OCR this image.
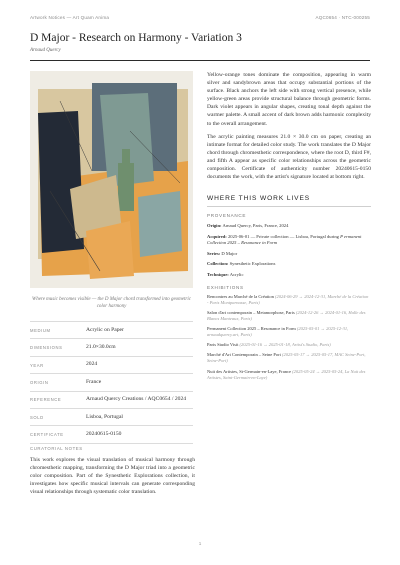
Artwork Notices — Art Quam Anima	AQC0654 · NTC-000255
D Major - Research on Harmony - Variation 3
Arnaud Quercy
Where music becomes visible — the D Major chord transformed into geometric color harmony
MEDIUM	Acrylic on Paper
DIMENSIONS	21.0×30.0cm
YEAR	2024
ORIGIN	France
REFERENCE	Arnaud Quercy Creations / AQC0654 / 2024
SOLD	Lisboa, Portugal
CERTIFICATE	20240615-0150
CURATORIAL NOTES
This work explores the visual translation of musical harmony through chromesthetic mapping, transforming the D Major triad into a geometric color composition. Part of the Synesthetic Explorations collection, it investigates how specific musical intervals can generate corresponding visual relationships through systematic color translation.

Yellow-orange tones dominate the composition, appearing in warm silver and sandybrown areas that occupy substantial portions of the surface. Black anchors the left side with strong vertical presence, while yellow-green areas provide structural balance through geometric forms. Dark violet appears in angular shapes, creating tonal depth against the warmer palette. A small accent of dark brown adds harmonic complexity to the overall arrangement.

The acrylic painting measures 21.0 × 30.0 cm on paper, creating an intimate format for detailed color study. The work translates the D Major chord through chromesthetic correspondence, where the root D, third F#, and fifth A appear as specific color relationships across the geometric composition. Certificate of authenticity number 20240615-0150 documents the work, with the artist's signature located at bottom right.

WHERE THIS WORK LIVES
PROVENANCE
Origin: Arnaud Quercy, Paris, France, 2024
Acquired: 2025-06-01 — Private collection — Lisboa, Portugal during P ermanent Collection 2025 – Resonance in Form
Series: D Major
Collection: Synesthetic Explorations
Technique: Acrylic
EXHIBITIONS
Rencontres au Marché de la Création (2024-06-29 → 2024-12-31, Marché de la Création - Paris Montparnasse, Paris)
Salon d'art contemporain – Metamorphose, Paris (2024-12-26 → 2024-01-16, Halle des Blancs Manteaux, Paris)
Permanent Collection 2025 – Resonance in Form (2025-05-01 → 2025-12-31, arnaudquercy.art, Paris)
Paris Studio Visit (2025-01-16 → 2025-01-18, Artist's Studio, Paris)
Marché d'Art Contemporain – Seine Port (2025-05-17 → 2025-05-17, MAC Seine-Port, Seine-Port)
Nuit des Artistes, St-Germain-en-Laye, France (2025-05-24 → 2025-05-24, La Nuit des Artistes, Saint-Germain-en-Laye)
1
